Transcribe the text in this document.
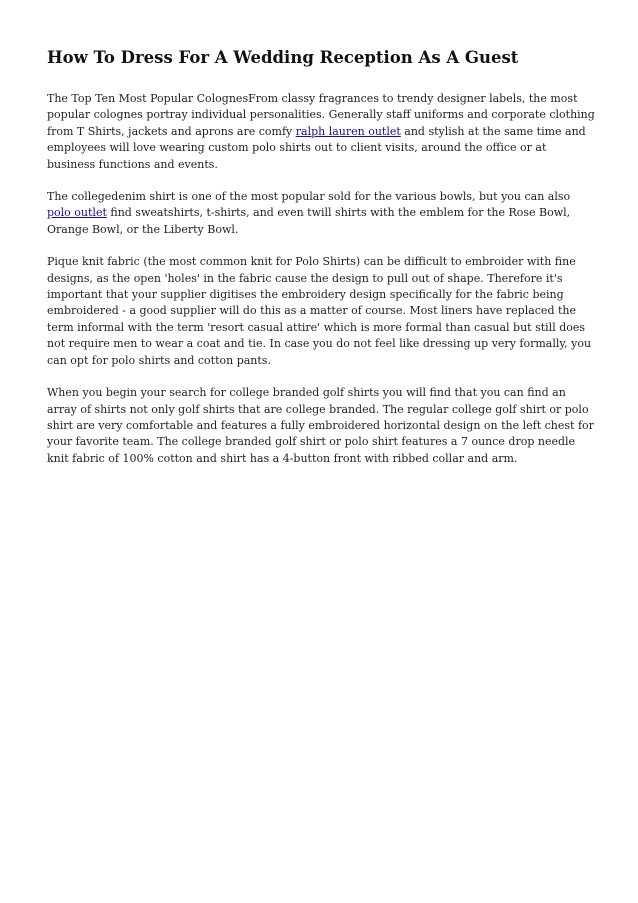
How To Dress For A Wedding Reception As A Guest

The Top Ten Most Popular ColognesFrom classy fragrances to trendy designer labels, the most popular colognes portray individual personalities. Generally staff uniforms and corporate clothing from T Shirts, jackets and aprons are comfy ralph lauren outlet and stylish at the same time and employees will love wearing custom polo shirts out to client visits, around the office or at business functions and events.

The collegedenim shirt is one of the most popular sold for the various bowls, but you can also polo outlet find sweatshirts, t-shirts, and even twill shirts with the emblem for the Rose Bowl, Orange Bowl, or the Liberty Bowl.

Pique knit fabric (the most common knit for Polo Shirts) can be difficult to embroider with fine designs, as the open 'holes' in the fabric cause the design to pull out of shape. Therefore it's important that your supplier digitises the embroidery design specifically for the fabric being embroidered - a good supplier will do this as a matter of course. Most liners have replaced the term informal with the term 'resort casual attire' which is more formal than casual but still does not require men to wear a coat and tie. In case you do not feel like dressing up very formally, you can opt for polo shirts and cotton pants.

When you begin your search for college branded golf shirts you will find that you can find an array of shirts not only golf shirts that are college branded. The regular college golf shirt or polo shirt are very comfortable and features a fully embroidered horizontal design on the left chest for your favorite team. The college branded golf shirt or polo shirt features a 7 ounce drop needle knit fabric of 100% cotton and shirt has a 4-button front with ribbed collar and arm.
